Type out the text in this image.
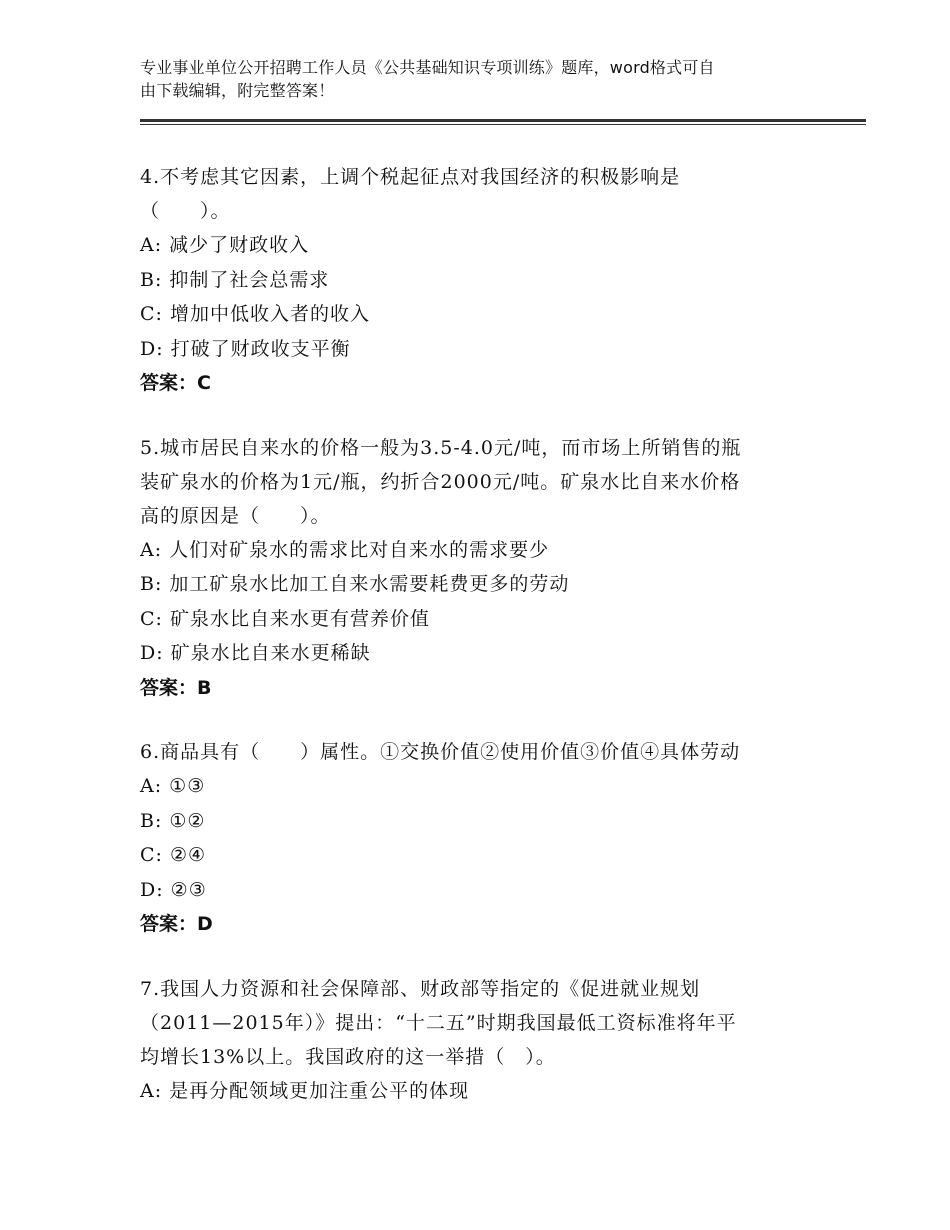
专业事业单位公开招聘工作人员《公共基础知识专项训练》题库，word格式可自
由下载编辑，附完整答案！
4.不考虑其它因素，上调个税起征点对我国经济的积极影响是
（　　）。
A: 减少了财政收入
B: 抑制了社会总需求
C: 增加中低收入者的收入
D: 打破了财政收支平衡
答案：C
5.城市居民自来水的价格一般为3.5-4.0元/吨，而市场上所销售的瓶
装矿泉水的价格为1元/瓶，约折合2000元/吨。矿泉水比自来水价格
高的原因是（　　）。
A: 人们对矿泉水的需求比对自来水的需求要少
B: 加工矿泉水比加工自来水需要耗费更多的劳动
C: 矿泉水比自来水更有营养价值
D: 矿泉水比自来水更稀缺
答案：B
6.商品具有（　　）属性。①交换价值②使用价值③价值④具体劳动
A: ①③
B: ①②
C: ②④
D: ②③
答案：D
7.我国人力资源和社会保障部、财政部等指定的《促进就业规划
（2011—2015年）》提出：“十二五”时期我国最低工资标准将年平
均增长13%以上。我国政府的这一举措（　）。
A: 是再分配领域更加注重公平的体现
